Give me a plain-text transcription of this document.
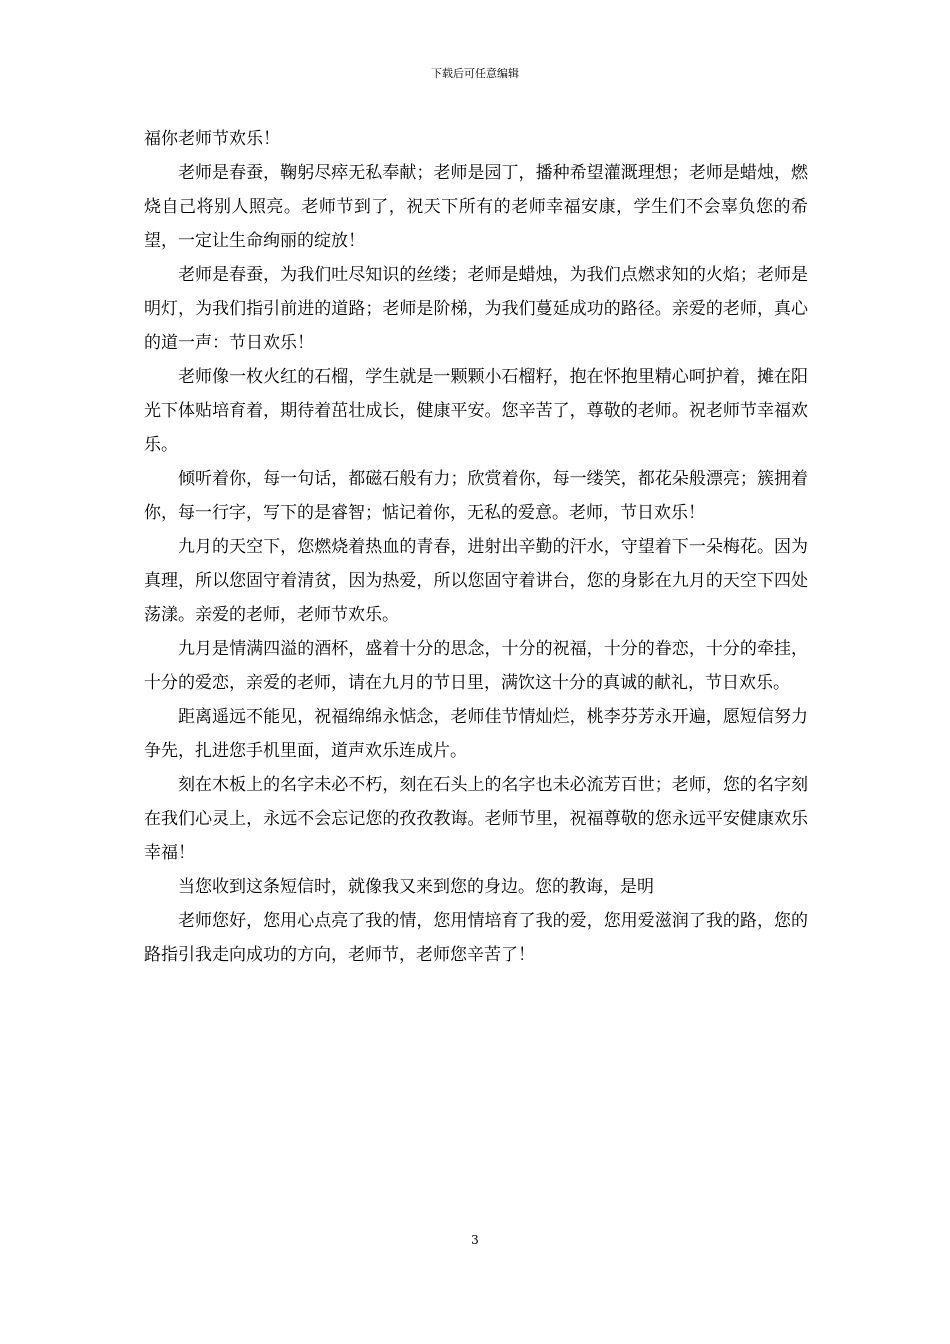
下载后可任意编辑

福你老师节欢乐！

老师是春蚕，鞠躬尽瘁无私奉献；老师是园丁，播种希望灌溉理想；老师是蜡烛，燃烧自己将别人照亮。老师节到了，祝天下所有的老师幸福安康，学生们不会辜负您的希望，一定让生命绚丽的绽放！

老师是春蚕，为我们吐尽知识的丝缕；老师是蜡烛，为我们点燃求知的火焰；老师是明灯，为我们指引前进的道路；老师是阶梯，为我们蔓延成功的路径。亲爱的老师，真心的道一声：节日欢乐！

老师像一枚火红的石榴，学生就是一颗颗小石榴籽，抱在怀抱里精心呵护着，摊在阳光下体贴培育着，期待着茁壮成长，健康平安。您辛苦了，尊敬的老师。祝老师节幸福欢乐。

倾听着你，每一句话，都磁石般有力；欣赏着你，每一缕笑，都花朵般漂亮；簇拥着你，每一行字，写下的是睿智；惦记着你，无私的爱意。老师，节日欢乐！

九月的天空下，您燃烧着热血的青春，进射出辛勤的汗水，守望着下一朵梅花。因为真理，所以您固守着清贫，因为热爱，所以您固守着讲台，您的身影在九月的天空下四处荡漾。亲爱的老师，老师节欢乐。

九月是情满四溢的酒杯，盛着十分的思念，十分的祝福，十分的眷恋，十分的牵挂，十分的爱恋，亲爱的老师，请在九月的节日里，满饮这十分的真诚的献礼，节日欢乐。

距离遥远不能见，祝福绵绵永惦念，老师佳节情灿烂，桃李芬芳永开遍，愿短信努力争先，扎进您手机里面，道声欢乐连成片。

刻在木板上的名字未必不朽，刻在石头上的名字也未必流芳百世；老师，您的名字刻在我们心灵上，永远不会忘记您的孜孜教诲。老师节里，祝福尊敬的您永远平安健康欢乐幸福！

当您收到这条短信时，就像我又来到您的身边。您的教诲，是明

老师您好，您用心点亮了我的情，您用情培育了我的爱，您用爱滋润了我的路，您的路指引我走向成功的方向，老师节，老师您辛苦了！

3
